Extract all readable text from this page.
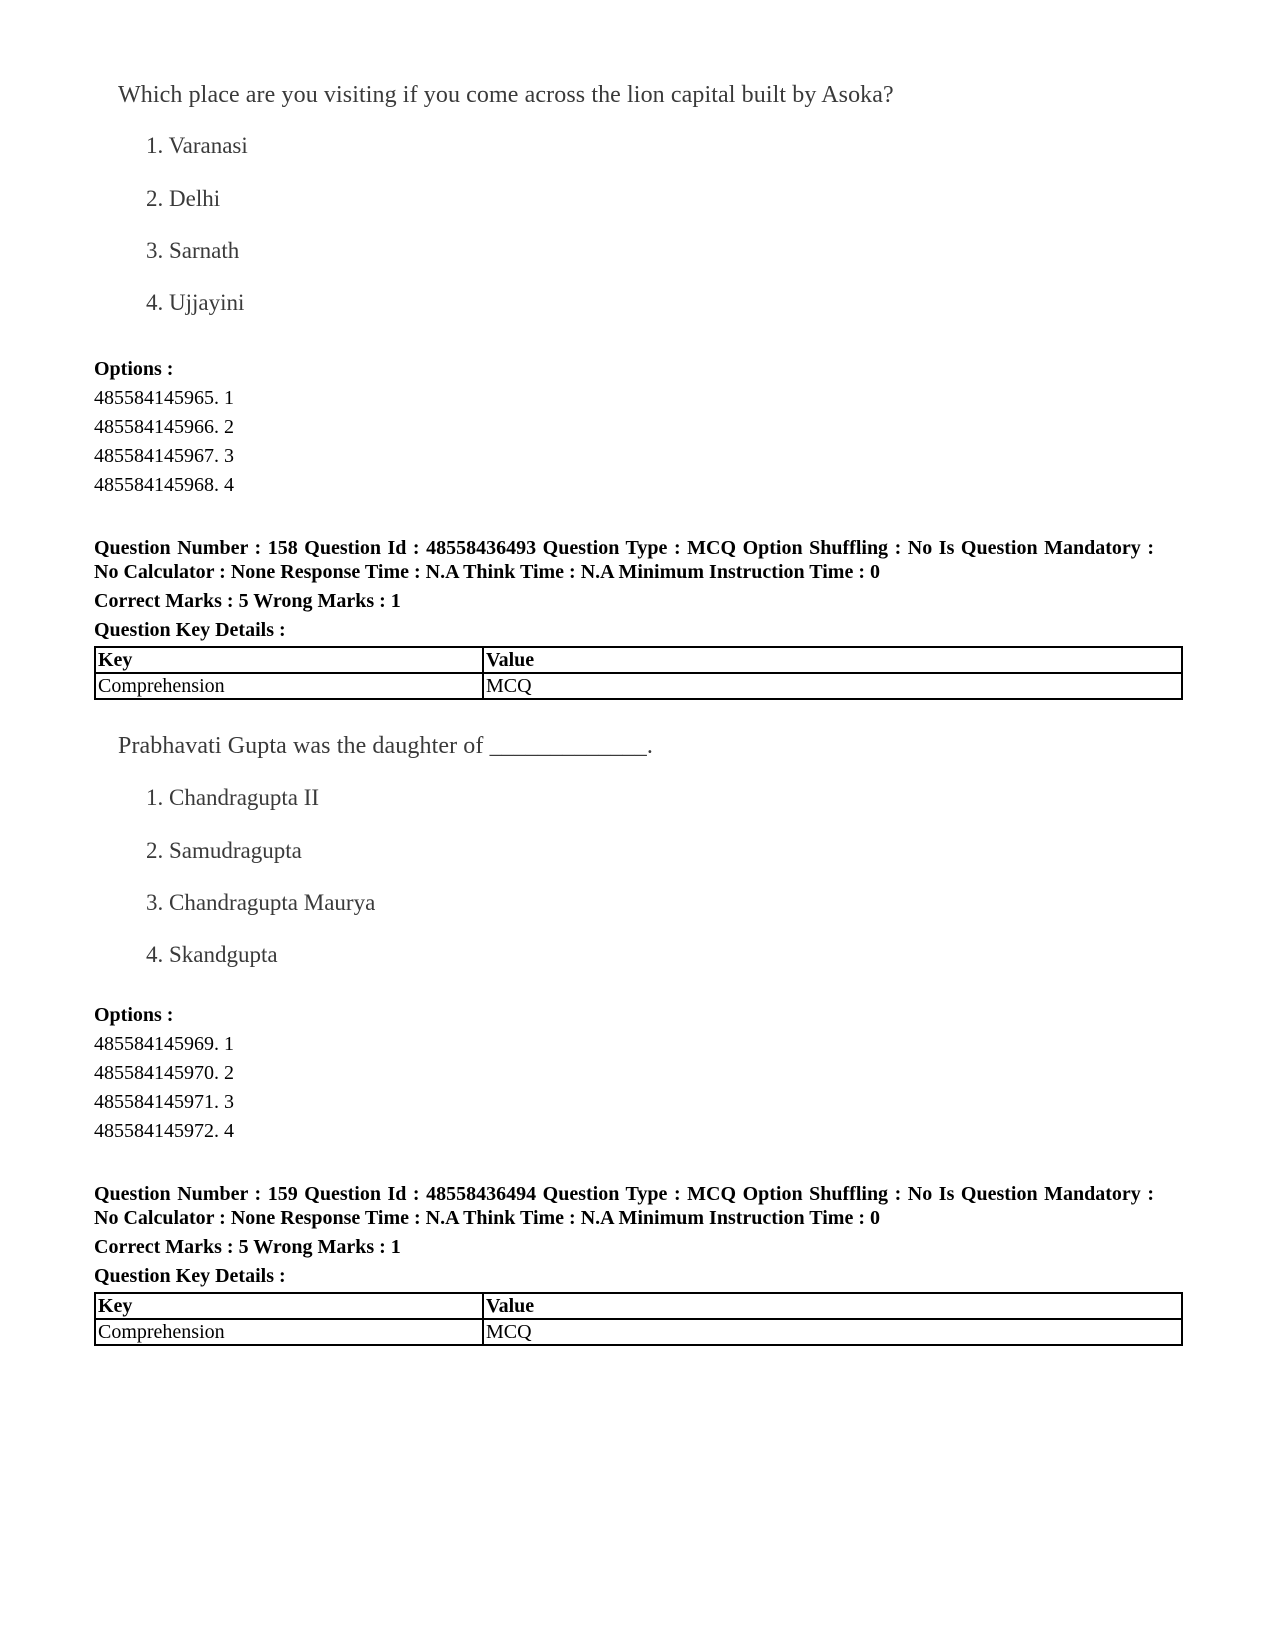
Which place are you visiting if you come across the lion capital built by Asoka?
1. Varanasi
2. Delhi
3. Sarnath
4. Ujjayini
Options :
485584145965. 1
485584145966. 2
485584145967. 3
485584145968. 4
Question Number : 158 Question Id : 48558436493 Question Type : MCQ Option Shuffling : No Is Question Mandatory : No Calculator : None Response Time : N.A Think Time : N.A Minimum Instruction Time : 0
Correct Marks : 5 Wrong Marks : 1
Question Key Details :
Key	Value
Comprehension	MCQ
Prabhavati Gupta was the daughter of _____________.
1. Chandragupta II
2. Samudragupta
3. Chandragupta Maurya
4. Skandgupta
Options :
485584145969. 1
485584145970. 2
485584145971. 3
485584145972. 4
Question Number : 159 Question Id : 48558436494 Question Type : MCQ Option Shuffling : No Is Question Mandatory : No Calculator : None Response Time : N.A Think Time : N.A Minimum Instruction Time : 0
Correct Marks : 5 Wrong Marks : 1
Question Key Details :
Key	Value
Comprehension	MCQ
